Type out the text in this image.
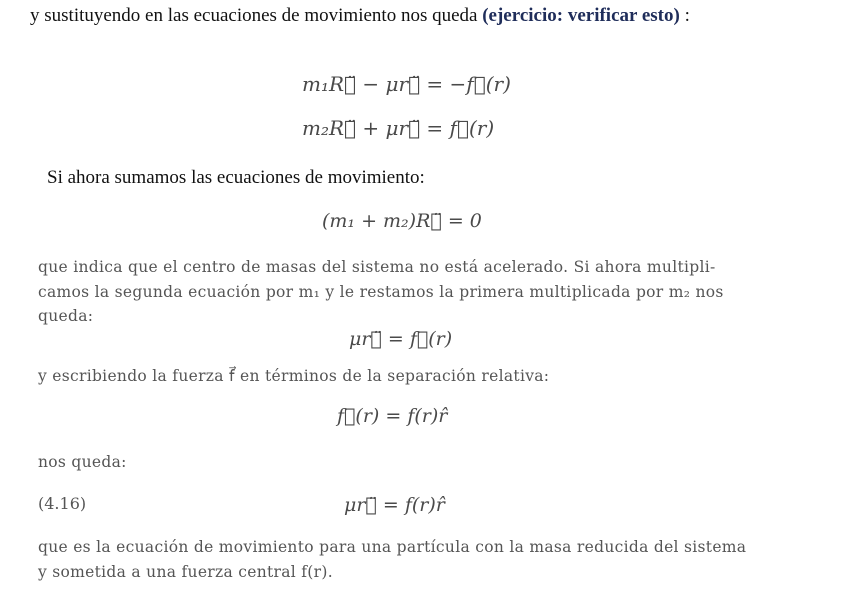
y sustituyendo en las ecuaciones de movimiento nos queda (ejercicio: verificar esto) :
m₁R⃗̈ − μr⃗̈ = −f⃗(r)
m₂R⃗̈ + μr⃗̈ = f⃗(r)
Si ahora sumamos las ecuaciones de movimiento:
(m₁ + m₂)R⃗̈ = 0
que indica que el centro de masas del sistema no está acelerado. Si ahora multipli-
camos la segunda ecuación por m₁ y le restamos la primera multiplicada por m₂ nos
queda:
μr⃗̈ = f⃗(r)
y escribiendo la fuerza f⃗ en términos de la separación relativa:
f⃗(r) = f(r)r̂
nos queda:
(4.16)	μr⃗̈ = f(r)r̂
que es la ecuación de movimiento para una partícula con la masa reducida del sistema
y sometida a una fuerza central f(r).
